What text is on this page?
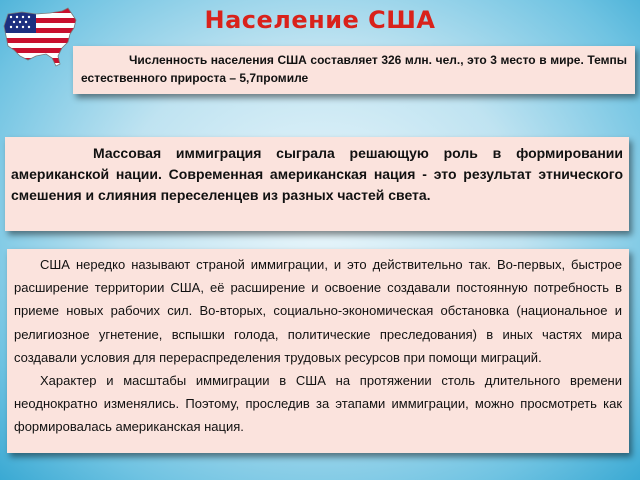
Население США
Численность населения США составляет 326 млн. чел., это 3 место в мире. Темпы естественного прироста – 5,7промиле
Массовая иммиграция сыграла решающую роль в формировании американской нации. Современная американская нация - это результат этнического смешения и слияния переселенцев из разных частей света.

США нередко называют страной иммиграции, и это действительно так. Во-первых, быстрое расширение территории США, её расширение и освоение создавали постоянную потребность в приеме новых рабочих сил. Во-вторых, социально-экономическая обстановка (национальное и религиозное угнетение, вспышки голода, политические преследования) в иных частях мира создавали условия для перераспределения трудовых ресурсов при помощи миграций.

Характер и масштабы иммиграции в США на протяжении столь длительного времени неоднократно изменялись. Поэтому, проследив за этапами иммиграции, можно просмотреть как формировалась американская нация.
